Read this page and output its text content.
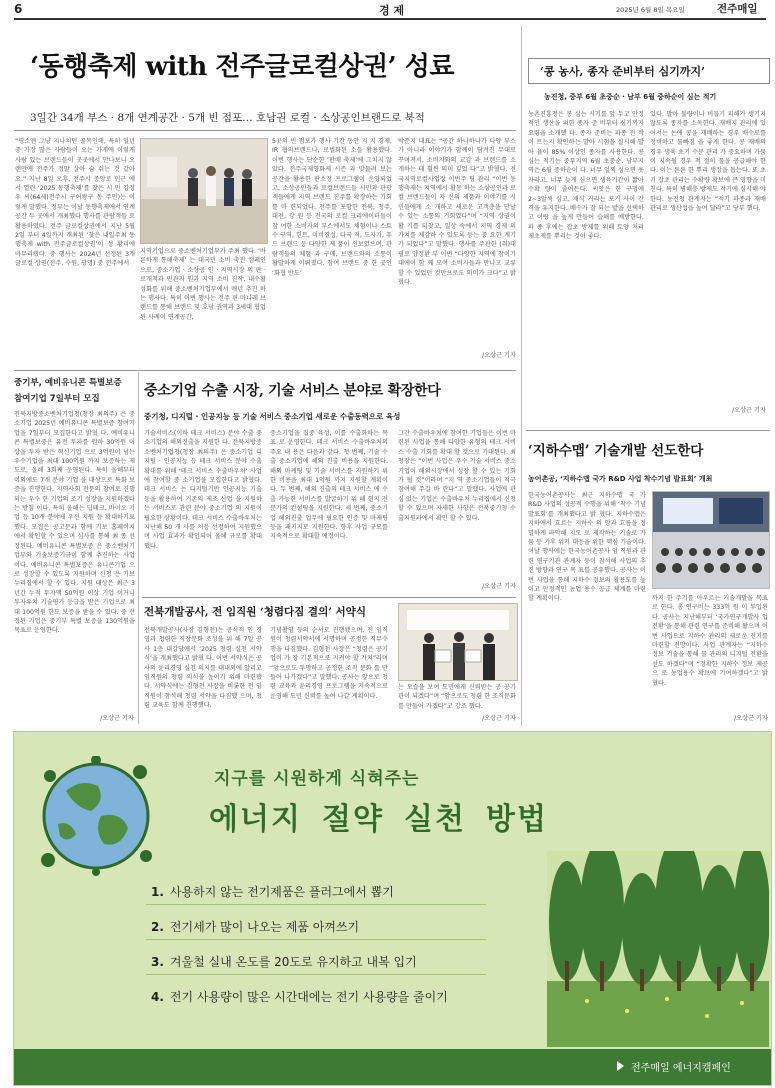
6	경 제	2025년 6월 8일 목요일	전주매일
‘동행축제 with 전주글로컬상권’ 성료
3일간 34개 부스 · 8개 연계공간 · 5개 빈 점포… 호남권 로컬 · 소상공인브랜드로 북적
“평소엔 그냥 지나치던 골목인데, 특히 일년 중 가장 많은 사람들이 오는 가게에 이렇게 사람 있는 브랜드들이 곳곳에서 만나보니 오랜만에 전주가 정말 살아 숨 쉬는 것 같아요.” 지난 8일 오후, 전주시 중앙로 인근 에서 열린 ‘2025 동행축제’를 찾은 시 민 김정우 씨(64세)전주시 구어왕구 동 주민)는 이렇게 말했다. 정부는 이날 동행축제에서 연계 공간 두 곳에서 개최했다 행사를 관람객들 로 활용하였다. 전주 글로컬상권에서 지난 5월 2일 부터 4일까지 개최된 ‘찾은 내일주최 동행축제 with 전주글로컬상권’이 성 황리에 마무리됐다. 중 행사는 2024년 선정된 3개 글로컬 상권(전주, 수원, 광명) 중 전주에서
지역기업으로 중소벤처기업부가 주최 했다. ‘바른하게 통해축제’ 는 대국민 소비 축진 캠페인으로, 중소기업 · 소상공 인 · 지역시장 의 판 · 로개척과 민관지 원과 지역 소비 진작, 내수활성화를 위해 중소벤처기업부에서 매년 추진 하는 행사다. 특히 이번 행사는 전주 핀 마니레 브랜드를 통해 브랜드 및 호남 권역과 3세대 협업된 사례이 연계공간,
5곳의 빈 점포가 행사 기간 동안 지 지 경제, IR 협의브랜드나, 로벌화된 소들 활용했다. 이번 행사는 단순한 ‘판매 축제’에 그치지 않았다. 전주국제영화제 시즌 과 맞물려 보는 공간을 활용한 판소정 프로그램이 운영되었고, 소상공인들과 로컬브랜드들 시민과 관광객들에게 지역 브랜드 진주를 확장하는 기회를 마 련되었다. 전주를 포함한 전북, 청주, 대전, 강 원 등 전국의 로컬 크리에이터들이 참 여한 소비자의 부스에서도 체험이나 스토 수 구역, 힌트, 미비결성, 다국 적, 도자기, 푸드 브랜드 등 다양한 제 품이 선보였으며, 관람객들의 체험 과 구매, 브랜드와의 소통이 활발하게 이뤄졌다. 참여 브랜드 중 한 곳인 ‘화협 반도’
박준지 대표는 “공간 하나하나가 다양 부스가 아니라 이야기가 함께이 담겨진 무대로 꾸며져서, 소비자와의 교감 과 브랜드를 소개하는 데 훨씬 의미 깊었 다”고 밝혔다. 전국지역로컬사업장 이번주 팀 관리 “이번 동행축제는 지역에서 활동 하는 소상공인과 로컬 브랜드들이 자 신의 제품과 이야기를 시민들에게 소 개하고 새로운 고객층을 만날 수 있는 소통의 기회였다”며 “지역 상권이 활 기를 되찾고, 일상 속에서 지역 경제 의 가치를 체감하 수 있도록 등는 중 요한 계기가 되었다”고 말했다. 행사를 주관한 (취)대필로 양정환 부 이번 “다양한 지역에 참이기대에이 함 께 모여 소비자들과 만나고 교류할 수 있었던 것만으로도 의미가 크다”고 밝 혔다.
/오상근 기자
‘콩 농사, 종자 준비부터 심기까지’
농진청, 중부 6월 초중순 · 남부 6월 중하순이 심는 적기
농촌진흥청은 콩 심는 시기를 앞 두고 안정적인 생산을 위한 종자 준 비부터 심기까지 요령을 소개했 다. 종자 준비는 파종 전 싹이 트는지 확인하는 발아 시험을 실시해 발아 율이 85% 이상인 종자를 사용한다. 콩 심는 적기는 중부지역 6월 초중순, 남부지역은 6월 중하순이 다. 너무 일찍 심으면 웃자라고, 너무 늦게 심으면 생육기간이 짧아 수확 량이 줄어든다. 씨앗은 한 구멍에 2~3알씩 심고, 재식 거리는 포기 사이 간격을 유지한다. 배수가 잘 되는 밭을 선택하고 이랑 을 높게 만들어 습해를 예방한다. 파 종 후에는 잡초 방제를 위해 토양 처리 제초제를 뿌리는 것이 좋다.
있다. 발아 불량이나 비둘기 피해가 생기지 않도록 종자를 소독한다. 재배지 관리에 있어서는 논에 콩을 재배하는 경우 배수로를 정비하고 물빠짐 을 좋게 한다. 콩 재배의 경우 생육 초기 수분 관리 가 중요하며 가뭄이 지속될 경우 적 절히 물을 공급해야 한다. 이는 튼튼 한 뿌리 생장을 돕는다. 또 초기 잡초 관리는 수확량 확보에 큰 영향을 미친다. 특히 병해충 방제도 적기에 실시해 야 한다. 농진청 관계자는 “적기 파종과 재배 관리로 생산성을 높여 달라”고 당부 했다.
/오상근 기자
중기부, 예비유니콘 특별보증
참여기업 7일부터 모집
전북지방중소벤처기업청(청장 최의주) 은 중소기업 2025년 예비유니콘 특별보증 참여기업을 7일부터 모집한다고 밝혔 다. 예비유니콘 특별보증은 유전 투자를 원하 30억원 이상을 투자 받은 혁신기업 으로 3억원이 넘는 우수기업을 최대 100억원 까지 보증하는 제도로, 올해 3회째 운영된다. 특히 올해부터 이외에도 7개 분야 기업 을 대상으로 특화 보증을 진행한다. 지역사회 전문의 참여로 진행되는 우수 한 기업의 조기 성장을 지원하겠다는 방침 이다. 특히 올해는 딥테크, 바이오 기업 등 10개 분야에 우선 지원 등 확대하기로 했다. 모집은 공고문과 함께 기보 홈페이지 에서 확인할 수 있으며 심사를 통해 최 종 선정된다. 예비유니콘 특별보증 은 중소벤처기업부와 기술보증기금이 함께 추진하는 사업이다. 예비유니콘 특별보증은 유니콘기업 으로 성장할 수 있도록 지원하며 신청 은 기보 누리집에서 할 수 있다. 지원 대상은 최근 3년간 누적 투자액 50억원 이상 기업 이거나 투자유치 기술평가 등급을 받은 기업으로 최대 100억원 한도 보증을 받을 수 있다. 중 선정된 기업은 중기부 특별 보증을 130억원을 목표로 운영한다.
/오상근 기자
중소기업 수출 시장, 기술 서비스 분야로 확장한다
중기청, 디지털 · 인공지능 등 기술 서비스 중소기업 새로운 수출동력으로 육성
기술서비스(이하 테크 서비스) 분야 수출 중소기업의 해외진출을 지원한 다. 전북지방중소벤처기업청(청장 최의주) 은 중소기업 디지털 · 인공지능 등 테크 서비스 분야 수출 확대를 위해 ‘테크 서비스 수출바우처’ 사업에 참여할 중 소기업을 모집한다고 밝혔다. 테크 서비스 는 디지털기반 인공지능 기술 등을 활용하여 기존의 제조 산업 을 지원하는 서비스로 관련 분야 중소기업 의 지원이 필요한 상황이다. 테크 서비스 수출바우처는 지난해 50 개 사를 처음 선정하여 지원했으며 사업 효과가 확인되어 올해 규모를 확대했다.
중소기업을 집중 육성, 이를 수출화하는 목표 로 운영한다. 테크 서비스 수출바우처의 주요 내 용은 다음과 같다. 첫 번째, 기술 수출 중소기업에 해외 진출 비용을 지원한다. 해외 마케팅 및 기술 서비스를 지원하기 위한 비용을 최대 1억원 까지 지원할 계획이다. 두 번째, 해외 진출의 테크 서비스 에 수출 가능한 서비스를 발굴하기 위 해 현지 전문가의 컨설팅을 지원한다. 세 번째, 중소기업 해외진출 업무에 필요한 인증 및 마케팅 등을 패키지로 지원한다. 향후 사업 규모를 지속적으로 확대할 예정이다.
그간 수출바우처에 참여한 기업들은 이번 마련된 사업을 통해 다양한 유형의 테크 서비스 수출 기회를 확대 할 것으로 기대된다. 최 청장은 “이번 사업은 우수 기술 서비스 중소기업이 해외시장에서 성장 할 수 있는 기회가 될 것”이라며 “지 역 중소기업들이 적극 참여해 주길 바 란다”고 말했다. 사업에 관심 있는 기업은 수출바우처 누리집에서 신청할 수 있으며 자세한 사항은 전북중기청 수출지원과에서 확인 할 수 있다.
/오상근 기자
전북개발공사, 전 임직원 ‘청렴다짐 결의’ 서약식
전북개발공사(사장 김형천)는 공식적 인 경영과 청렴한 직장문화 조성을 위 해 7일 공사 1층 대강당에서 ‘2025 청렴 실천 서약식’을 개최했다고 밝혔 다. 이번 서약식은 공사의 윤리경영 실천 의지를 대내외에 알리고 임직원의 청렴 의식을 높이기 위해 마련됐다. 서약식에는 김형천 사장을 비롯한 전 임직원이 참석해 청렴 서약을 다짐했 으며, 청렴 교육도 함께 진행했다.
기념촬영 등의 순서로 진행됐으며, 전 임직원이 청렴서약서에 서명하며 공정한 직무수행을 다짐했다. 김형천 사장은 “청렴은 공기업이 가 장 기본적으로 지켜야 할 가치”라며 “앞으로도 투명하고 공정한 조직 문화 를 만들어 나가겠다”고 말했다. 공사는 앞으로 청렴 교육과 윤리경영 프로그램을 지속적으로 운영해 도민 신뢰를 높여 나갈 계획이다.
는 모습을 보여 도민에게 신뢰받는 공 공기관이 되겠다”며 “앞으로도 청렴 한 조직문화를 만들어 가겠다”고 강조 했다.
/오상근 기자
‘지하수맵’ 기술개발 선도한다
농어촌공, ‘지하수맵 국가 R&D 사업 착수기념 발표회’ 개최
한국농어촌공사는 최근 지하수맵 국 가 R&D 사업의 성공적 수행을 위해 ‘착수 기념 발표회’를 개최했다고 밝 혔다. 지하수맵은 지하에서 흐르는 지하수 의 양과 흐름을 정밀하게 파악해 지도 로 제작하는 기술로 가뭄 등 기후 위기 대응을 위한 핵심 기술이다. 이날 행사에는 한국농어촌공사 임 직원과 관련 연구기관 관계자 등이 참석해 사업의 추진 방향과 연구 목 표를 공유했다. 공사는 이번 사업을 통해 지하수 정보의 활용도를 높이고 안정적인 농업 용수 공급 체계를 마련할 계획이다.	까지 한 주기를 아우르는 기술개발을 목표로 한다. 총 연구비는 333억 원 이 투입된다. 공사는 지난해부터 ‘국가연구개발사 업 전환’을 통해 관련 연구를 준비해 왔으며 이번 사업으로 지하수 관리의 새로운 전기를 마련할 전망이다. 사업 관계자는 “지하수 정보 기술을 통해 물 관리의 디지털 전환을 선도 하겠다”며 “정확한 지하수 정보 제공으 로 농업용수 확보에 기여하겠다”고 밝 혔다.
/오상근 기자
지구를 시원하게 식혀주는
에너지 절약 실천 방법
1. 사용하지 않는 전기제품은 플러그에서 뽑기
2. 전기세가 많이 나오는 제품 아껴쓰기
3. 겨울철 실내 온도를 20도로 유지하고 내복 입기
4. 전기 사용량이 많은 시간대에는 전기 사용량을 줄이기
전주매일 에너지캠페인
